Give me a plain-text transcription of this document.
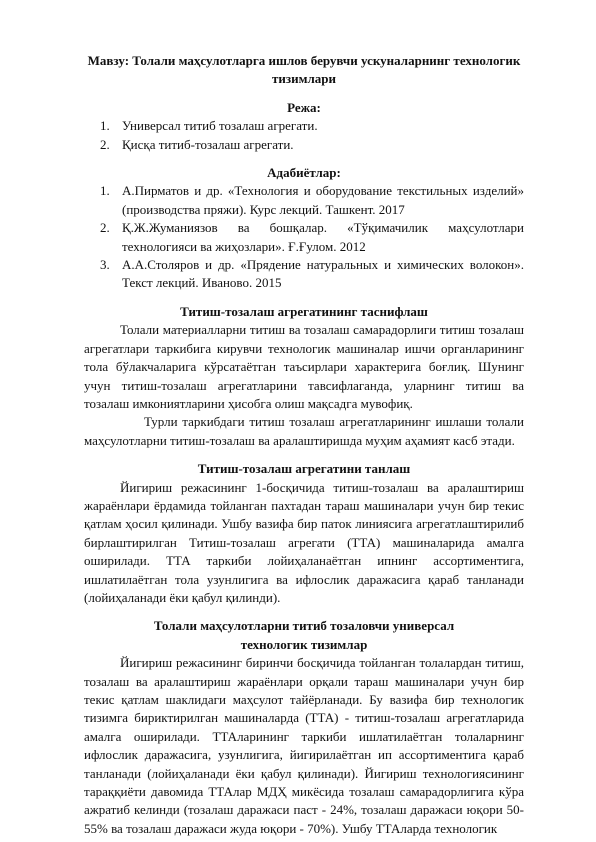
Мавзу: Толали маҳсулотларга ишлов берувчи ускуналарнинг технологик тизимлари

Режа:

1. Универсал титиб тозалаш агрегати.
2. Қисқа титиб-тозалаш агрегати.

Адабиётлар:

1. А.Пирматов и др. «Технология и оборудование текстильных изделий» (производства пряжи). Курс лекций. Ташкент. 2017
2. Қ.Ж.Жуманиязов ва бошқалар. «Тўқимачилик маҳсулотлари технологияси ва жиҳозлари». Ғ.Ғулом. 2012
3. А.А.Столяров и др. «Прядение натуральных и химических волокон». Текст лекций. Иваново. 2015

Титиш-тозалаш агрегатининг таснифлаш

Толали материалларни титиш ва тозалаш самарадорлиги титиш тозалаш агрегатлари таркибига кирувчи технологик машиналар ишчи органларининг тола бўлакчаларига кўрсатаётган таъсирлари характерига боғлиқ. Шунинг учун титиш-тозалаш агрегатларини тавсифлаганда, уларнинг титиш ва тозалаш имкониятларини ҳисобга олиш мақсадга мувофиқ.

Турли таркибдаги титиш тозалаш агрегатларининг ишлаши толали маҳсулотларни титиш-тозалаш ва аралаштиришда муҳим аҳамият касб этади.

Титиш-тозалаш агрегатини танлаш

Йигириш режасининг 1-босқичида титиш-тозалаш ва аралаштириш жараёнлари ёрдамида тойланган пахтадан тараш машиналари учун бир текис қатлам ҳосил қилинади. Ушбу вазифа бир паток линиясига агрегатлаштирилиб бирлаштирилган Титиш-тозалаш агрегати (ТТА) машиналарида амалга оширилади. ТТА таркиби лойиҳаланаётган ипнинг ассортиментига, ишлатилаётган тола узунлигига ва ифлослик даражасига қараб танланади (лойиҳаланади ёки қабул қилинди).

Толали маҳсулотларни титиб тозаловчи универсал

технологик тизимлар

Йигириш режасининг биринчи босқичида тойланган толалардан титиш, тозалаш ва аралаштириш жараёнлари орқали тараш машиналари учун бир текис қатлам шаклидаги маҳсулот тайёрланади. Бу вазифа бир технологик тизимга бириктирилган машиналарда (ТТА) - титиш-тозалаш агрегатларида амалга оширилади. ТТАларининг таркиби ишлатилаётган толаларнинг ифлослик даражасига, узунлигига, йигирилаётган ип ассортиментига қараб танланади (лойиҳаланади ёки қабул қилинади). Йигириш технологиясининг тараққиёти давомида ТТАлар МДҲ микёсида тозалаш самарадорлигига кўра ажратиб келинди (тозалаш даражаси паст - 24%, тозалаш даражаси юқори 50-55% ва тозалаш даражаси жуда юқори - 70%). Ушбу ТТАларда технологик
